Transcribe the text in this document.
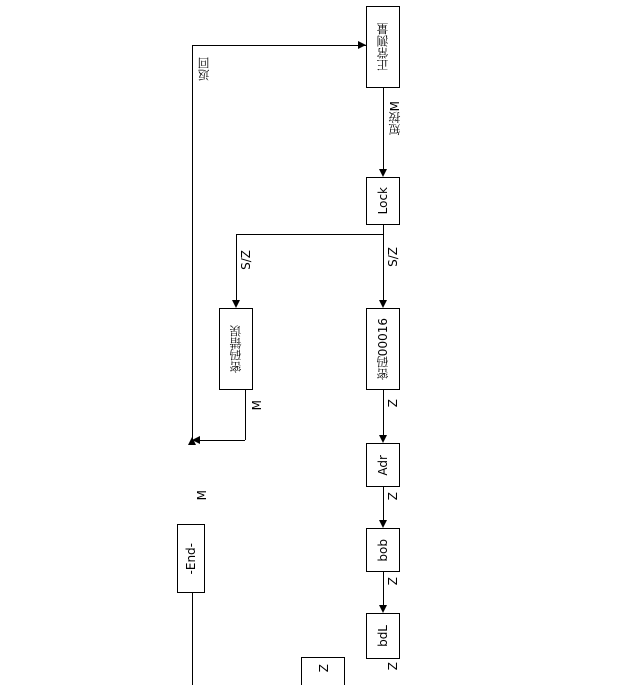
正常测量
Lock
密码错误	密码00016
Adr
bob
bdL
-End-
短按M
S/Z
S/Z
M
返回
M
Z
Z
Z
Z
Z
